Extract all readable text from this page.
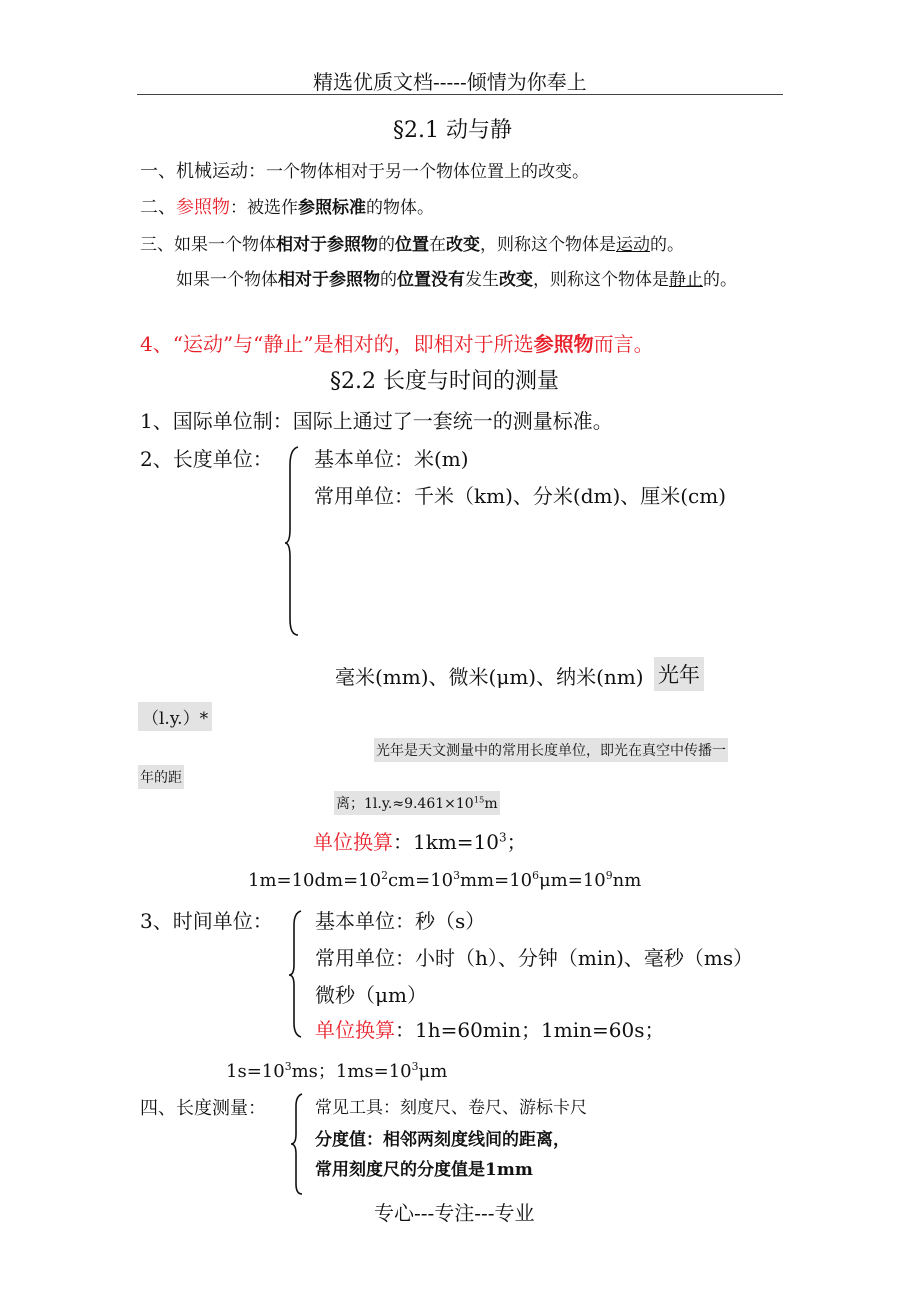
精选优质文档-----倾情为你奉上
§2.1 动与静
一、机械运动：一个物体相对于另一个物体位置上的改变。
二、参照物：被选作参照标准的物体。
三、如果一个物体相对于参照物的位置在改变，则称这个物体是运动的。
如果一个物体相对于参照物的位置没有发生改变，则称这个物体是静止的。
4、“运动”与“静止”是相对的，即相对于所选参照物而言。
§2.2 长度与时间的测量
1、国际单位制：国际上通过了一套统一的测量标准。
2、长度单位： 基本单位：米(m)
常用单位：千米（km)、分米(dm)、厘米(cm)
毫米(mm)、微米(μm)、纳米(nm) 光年
（l.y.）*
光年是天文测量中的常用长度单位，即光在真空中传播一
年的距
离；$1l.y.\approx 9.461\times 10^{15}m$
单位换算：$1km=10^3$；
$1m=10dm=10^2cm=10^3mm=10^6\mu m=10^9nm$
3、时间单位： 基本单位：秒（s）
常用单位：小时（h）、分钟（min)、毫秒（ms）
微秒（μm）
单位换算：1h=60min；1min=60s；
$1s=10^3ms$；$1ms=10^3\mu m$
四、长度测量：	常见工具：刻度尺、卷尺、游标卡尺
分度值：相邻两刻度线间的距离，
常用刻度尺的分度值是1mm
专心---专注---专业
